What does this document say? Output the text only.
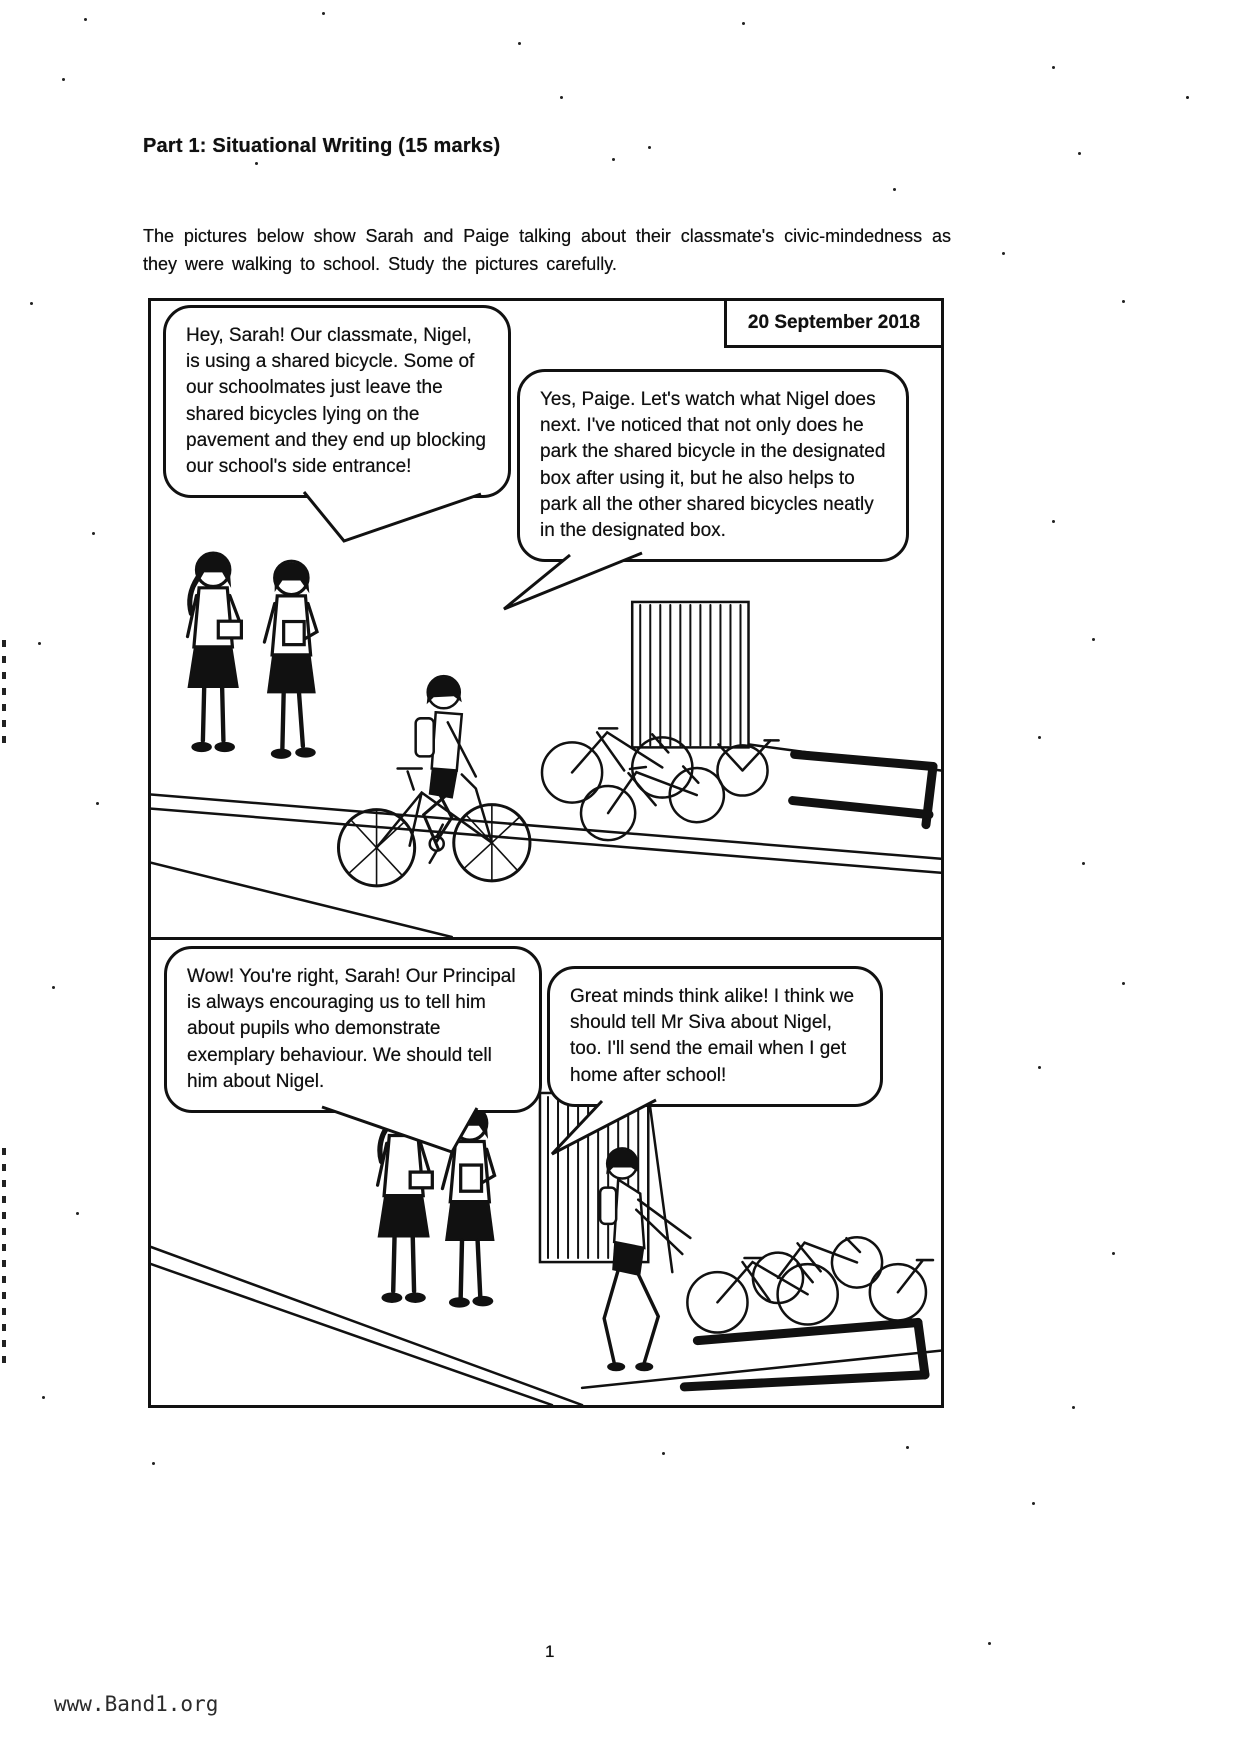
Part 1: Situational Writing (15 marks)

The pictures below show Sarah and Paige talking about their classmate's civic-mindedness as they were walking to school. Study the pictures carefully.

20 September 2018
Hey, Sarah! Our classmate, Nigel, is using a shared bicycle. Some of our schoolmates just leave the shared bicycles lying on the pavement and they end up blocking our school's side entrance!
Yes, Paige. Let's watch what Nigel does next. I've noticed that not only does he park the shared bicycle in the designated box after using it, but he also helps to park all the other shared bicycles neatly in the designated box.
Wow! You're right, Sarah! Our Principal is always encouraging us to tell him about pupils who demonstrate exemplary behaviour. We should tell him about Nigel.
Great minds think alike! I think we should tell Mr Siva about Nigel, too. I'll send the email when I get home after school!
1
www.Band1.org
